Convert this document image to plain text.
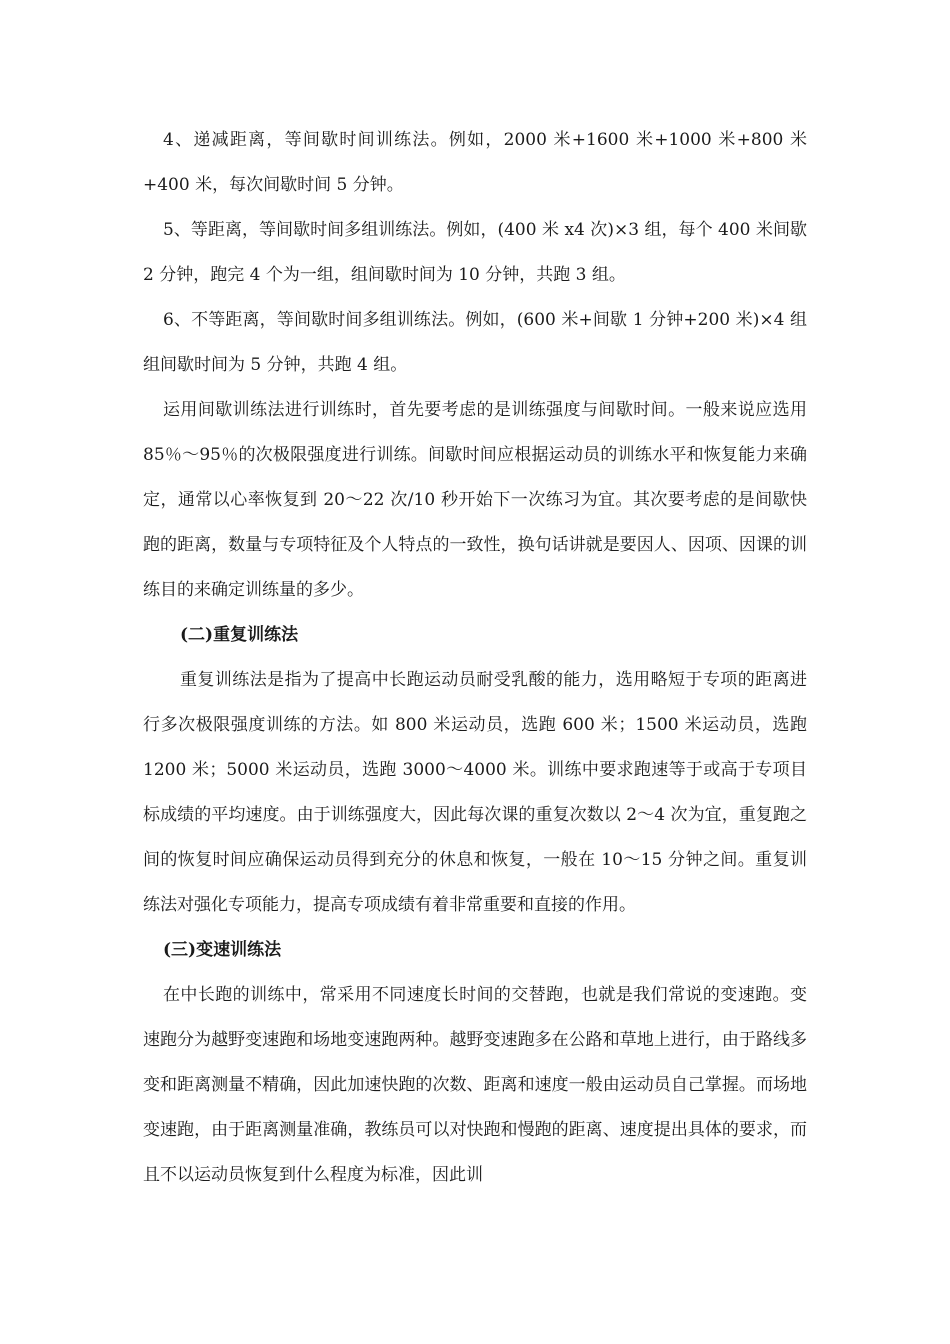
4、递减距离，等间歇时间训练法。例如，2000 米+1600 米+1000 米+800 米+400 米，每次间歇时间 5 分钟。

5、等距离，等间歇时间多组训练法。例如，(400 米 x4 次)×3 组，每个 400 米间歇 2 分钟，跑完 4 个为一组，组间歇时间为 10 分钟，共跑 3 组。

6、不等距离，等间歇时间多组训练法。例如，(600 米+间歇 1 分钟+200 米)×4 组组间歇时间为 5 分钟，共跑 4 组。

运用间歇训练法进行训练时，首先要考虑的是训练强度与间歇时间。一般来说应选用 85％～95％的次极限强度进行训练。间歇时间应根据运动员的训练水平和恢复能力来确定，通常以心率恢复到 20～22 次/10 秒开始下一次练习为宜。其次要考虑的是间歇快跑的距离，数量与专项特征及个人特点的一致性，换句话讲就是要因人、因项、因课的训练目的来确定训练量的多少。

(二)重复训练法

重复训练法是指为了提高中长跑运动员耐受乳酸的能力，选用略短于专项的距离进行多次极限强度训练的方法。如 800 米运动员，选跑 600 米；1500 米运动员，选跑 1200 米；5000 米运动员，选跑 3000～4000 米。训练中要求跑速等于或高于专项目标成绩的平均速度。由于训练强度大，因此每次课的重复次数以 2～4 次为宜，重复跑之间的恢复时间应确保运动员得到充分的休息和恢复，一般在 10～15 分钟之间。重复训练法对强化专项能力，提高专项成绩有着非常重要和直接的作用。

(三)变速训练法

在中长跑的训练中，常采用不同速度长时间的交替跑，也就是我们常说的变速跑。变速跑分为越野变速跑和场地变速跑两种。越野变速跑多在公路和草地上进行，由于路线多变和距离测量不精确，因此加速快跑的次数、距离和速度一般由运动员自己掌握。而场地变速跑，由于距离测量准确，教练员可以对快跑和慢跑的距离、速度提出具体的要求，而且不以运动员恢复到什么程度为标准，因此训
